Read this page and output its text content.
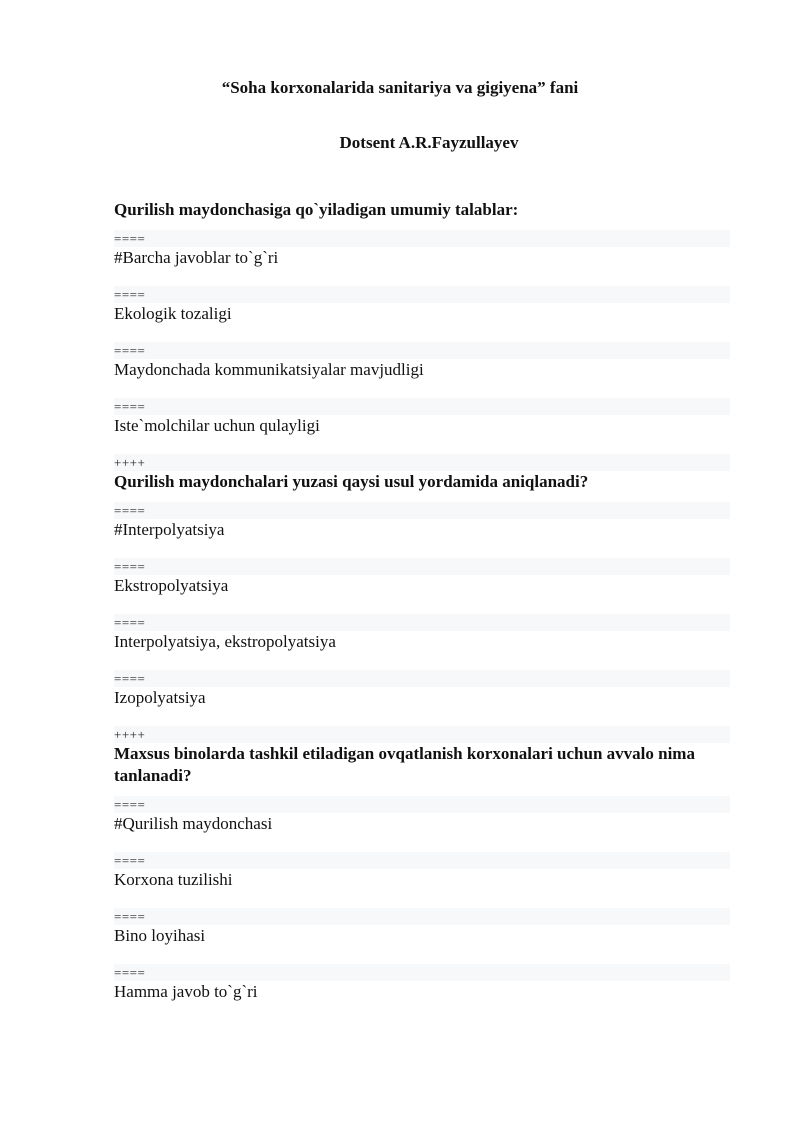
“Soha korxonalarida sanitariya va gigiyena” fani
Dotsent A.R.Fayzullayev
Qurilish maydonchasiga qo`yiladigan umumiy talablar:
====
#Barcha javoblar to`g`ri
====
Ekologik tozaligi
====
Maydonchada kommunikatsiyalar mavjudligi
====
Iste`molchilar uchun qulayligi
++++
Qurilish maydonchalari yuzasi qaysi usul yordamida aniqlanadi?
====
#Interpolyatsiya
====
Ekstropolyatsiya
====
Interpolyatsiya, ekstropolyatsiya
====
Izopolyatsiya
++++
Maxsus binolarda tashkil etiladigan ovqatlanish korxonalari uchun avvalo nima tanlanadi?
====
#Qurilish maydonchasi
====
Korxona tuzilishi
====
Bino loyihasi
====
Hamma javob to`g`ri
